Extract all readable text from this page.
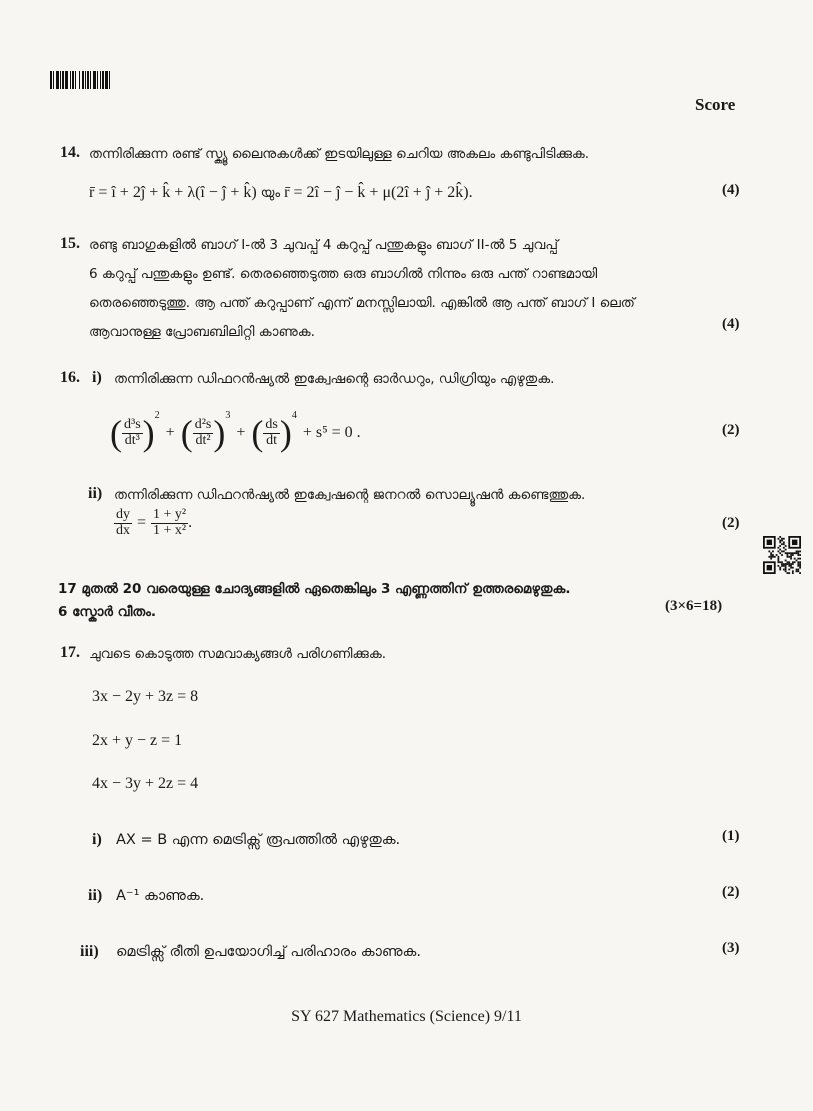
Score
14. തന്നിരിക്കുന്ന രണ്ട് സ്ക്യൂ ലൈനുകൾക്ക് ഇടയിലുള്ള ചെറിയ അകലം കണ്ടുപിടിക്കുക.
r̄ = î + 2ĵ + k̂ + λ(î − ĵ + k̂) യും r̄ = 2î − ĵ − k̂ + μ(2î + ĵ + 2k̂).	(4)
15. രണ്ടു ബാഗുകളിൽ ബാഗ് I-ൽ 3 ചുവപ്പ് 4 കറുപ്പ് പന്തുകളും ബാഗ് II-ൽ 5 ചുവപ്പ്
6 കറുപ്പ് പന്തുകളും ഉണ്ട്. തെരഞ്ഞെടുത്ത ഒരു ബാഗിൽ നിന്നും ഒരു പന്ത് റാണ്ടമായി
തെരഞ്ഞെടുത്തു. ആ പന്ത് കറുപ്പാണ് എന്ന് മനസ്സിലായി. എങ്കിൽ ആ പന്ത് ബാഗ് I ലെത്
ആവാനുള്ള പ്രോബബിലിറ്റി കാണുക.	(4)
16. i) തന്നിരിക്കുന്ന ഡിഫറൻഷ്യൽ ഇക്വേഷന്റെ ഓർഡറും, ഡിഗ്രിയും എഴുതുക.
( $\frac{\text{d³s}}{\text{dt³}} )^2$
+ ( $\frac{\text{d²s}}{\text{dt²}} )^3$
+ ( $\frac{ds}{dt} )^4$
+ s⁵ = 0 .	(2)
ii) തന്നിരിക്കുന്ന ഡിഫറൻഷ്യൽ ഇക്വേഷന്റെ ജനറൽ സൊല്യൂഷൻ കണ്ടെത്തുക.
$\frac{dy}{dx} = \frac{\text{1 + y²}}{\text{1 + x²}}$ .	(2)
17 മുതൽ 20 വരെയുള്ള ചോദ്യങ്ങളിൽ ഏതെങ്കിലും 3 എണ്ണത്തിന് ഉത്തരമെഴുതുക.
6 സ്കോർ വീതം.	(3×6=18)
17. ചുവടെ കൊടുത്ത സമവാക്യങ്ങൾ പരിഗണിക്കുക.
3x − 2y + 3z = 8
2x + y − z = 1
4x − 3y + 2z = 4
i) AX = B എന്ന മെട്രിക്സ് രൂപത്തിൽ എഴുതുക.	(1)
ii) A⁻¹ കാണുക.	(2)
iii) മെട്രിക്സ് രീതി ഉപയോഗിച്ച് പരിഹാരം കാണുക.	(3)
SY 627 Mathematics (Science) 9/11
